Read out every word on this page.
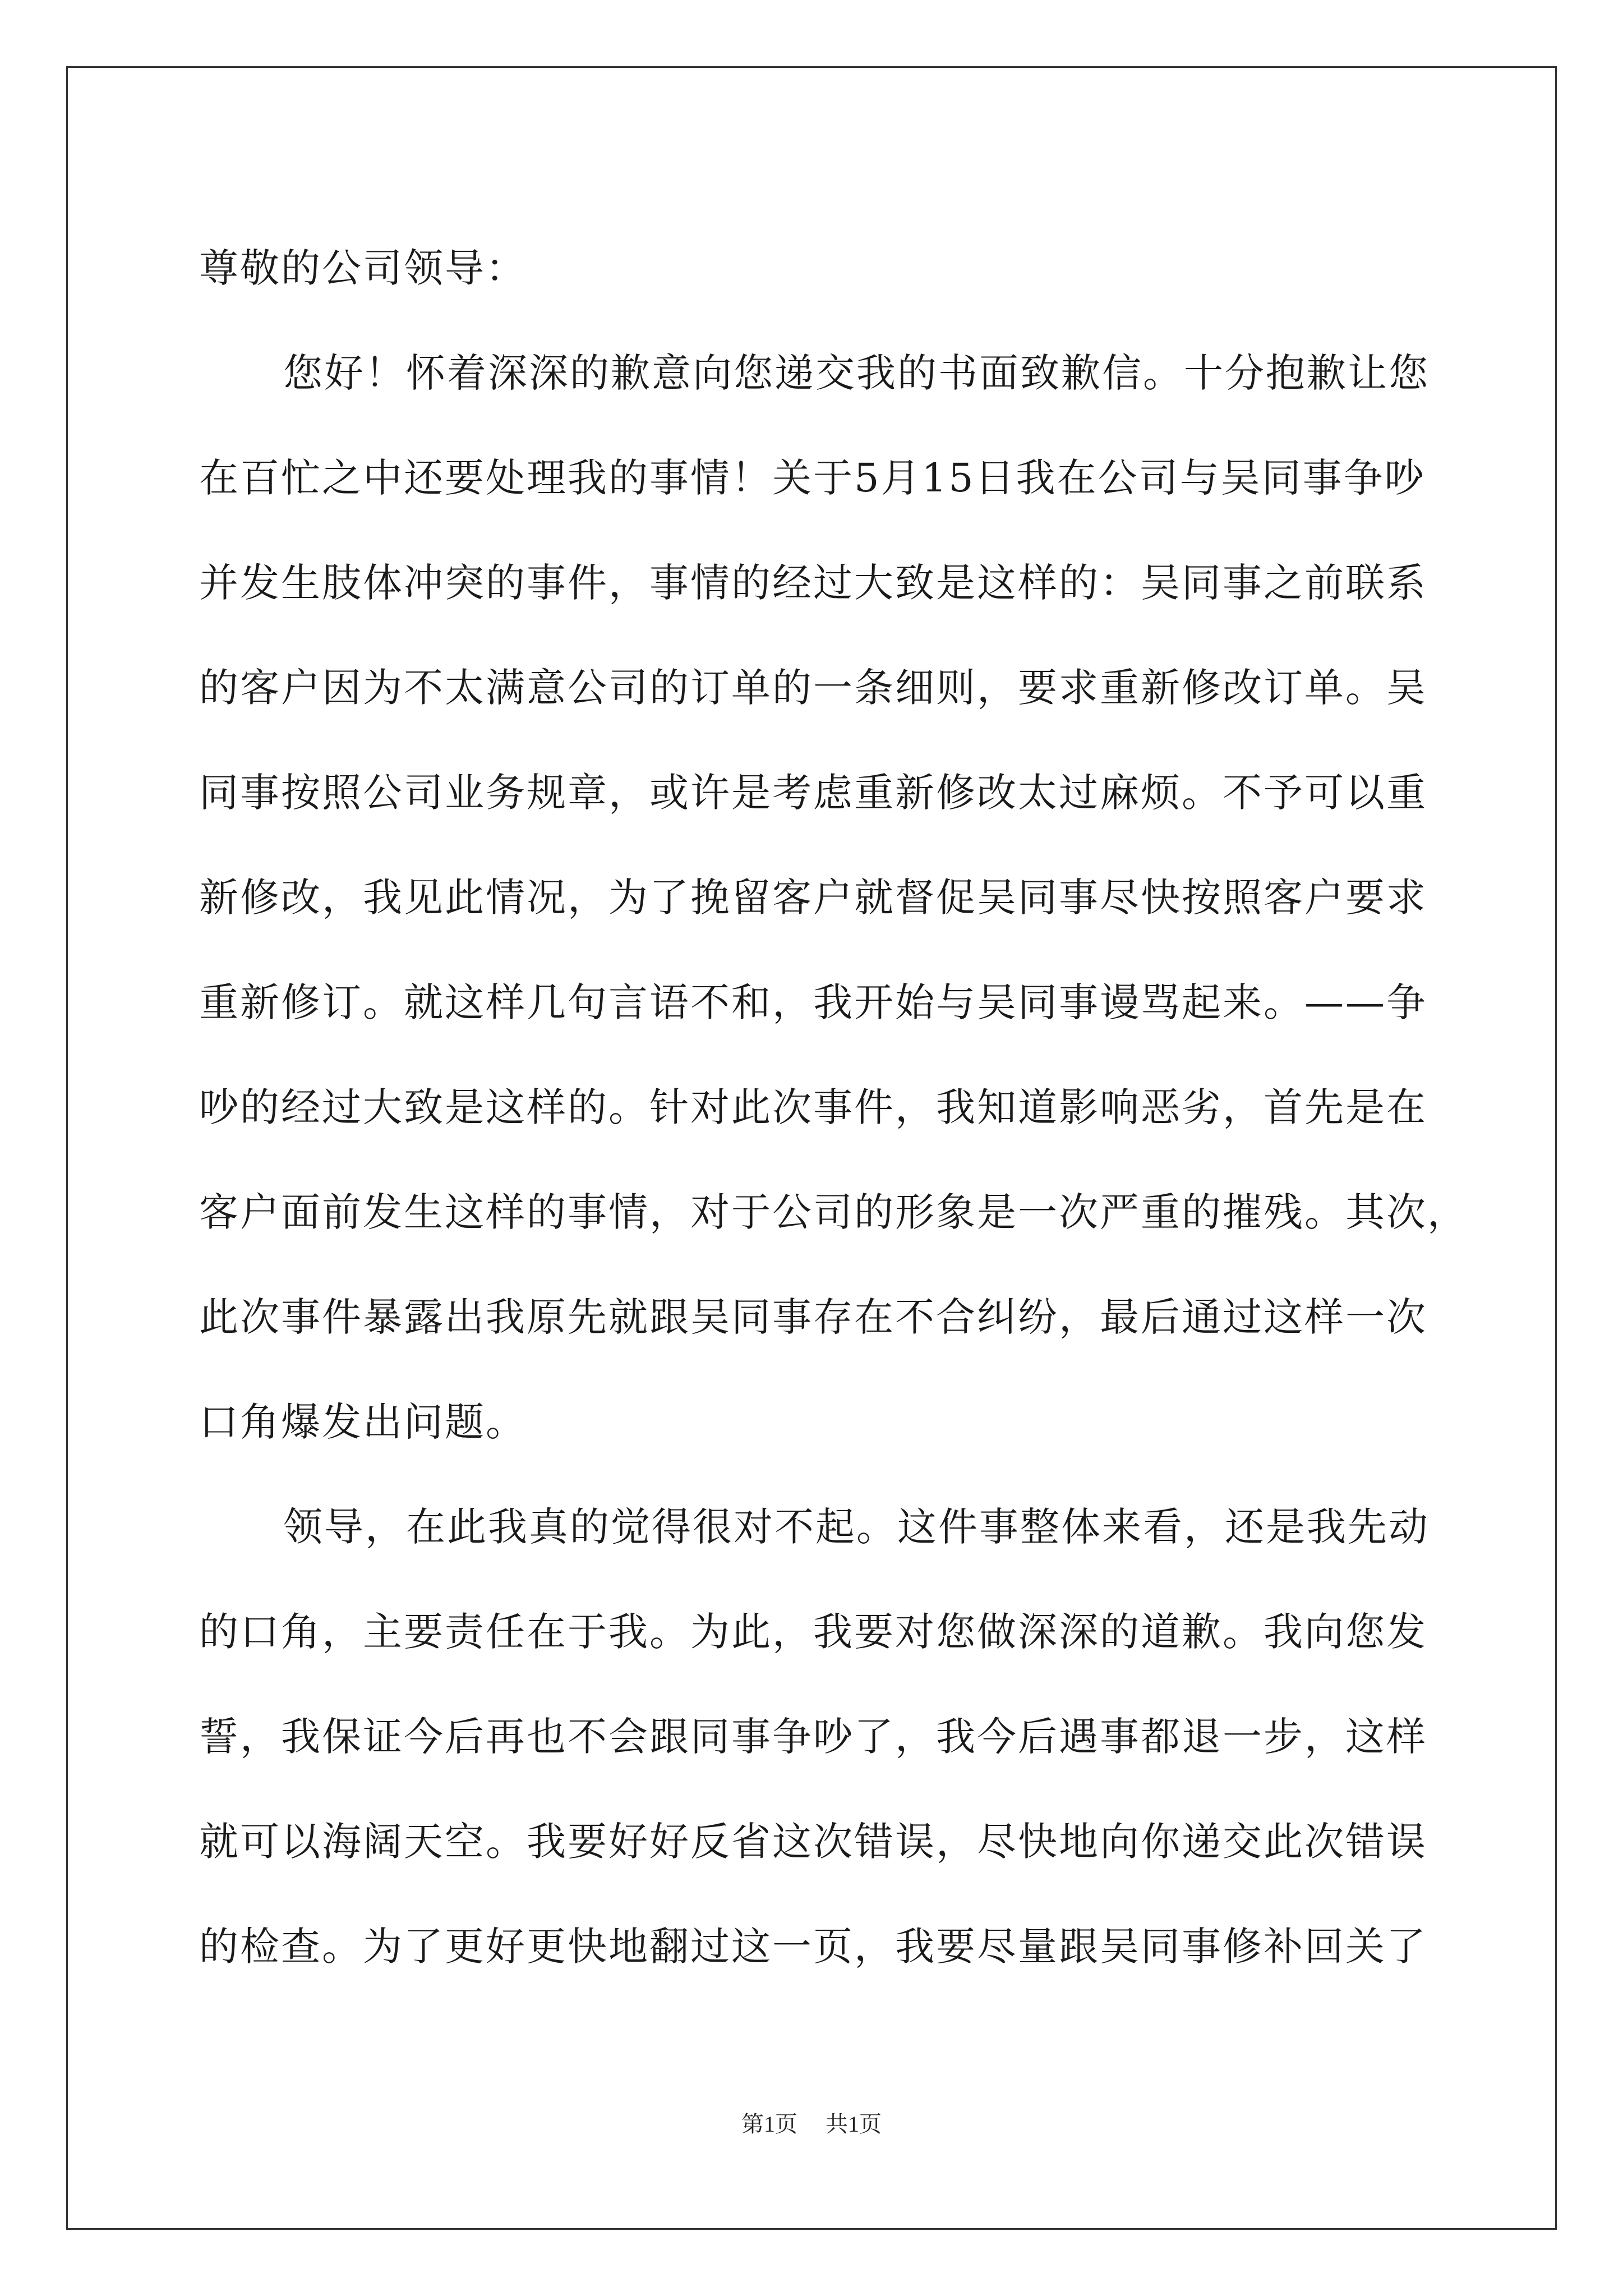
尊敬的公司领导：
您好！怀着深深的歉意向您递交我的书面致歉信。十分抱歉让您
在百忙之中还要处理我的事情！关于5月15日我在公司与吴同事争吵
并发生肢体冲突的事件，事情的经过大致是这样的：吴同事之前联系
的客户因为不太满意公司的订单的一条细则，要求重新修改订单。吴
同事按照公司业务规章，或许是考虑重新修改太过麻烦。不予可以重
新修改，我见此情况，为了挽留客户就督促吴同事尽快按照客户要求
重新修订。就这样几句言语不和，我开始与吴同事谩骂起来。——争
吵的经过大致是这样的。针对此次事件，我知道影响恶劣，首先是在
客户面前发生这样的事情，对于公司的形象是一次严重的摧残。其次，
此次事件暴露出我原先就跟吴同事存在不合纠纷，最后通过这样一次
口角爆发出问题。
领导，在此我真的觉得很对不起。这件事整体来看，还是我先动
的口角，主要责任在于我。为此，我要对您做深深的道歉。我向您发
誓，我保证今后再也不会跟同事争吵了，我今后遇事都退一步，这样
就可以海阔天空。我要好好反省这次错误，尽快地向你递交此次错误
的检查。为了更好更快地翻过这一页，我要尽量跟吴同事修补回关了
第1页 共1页
